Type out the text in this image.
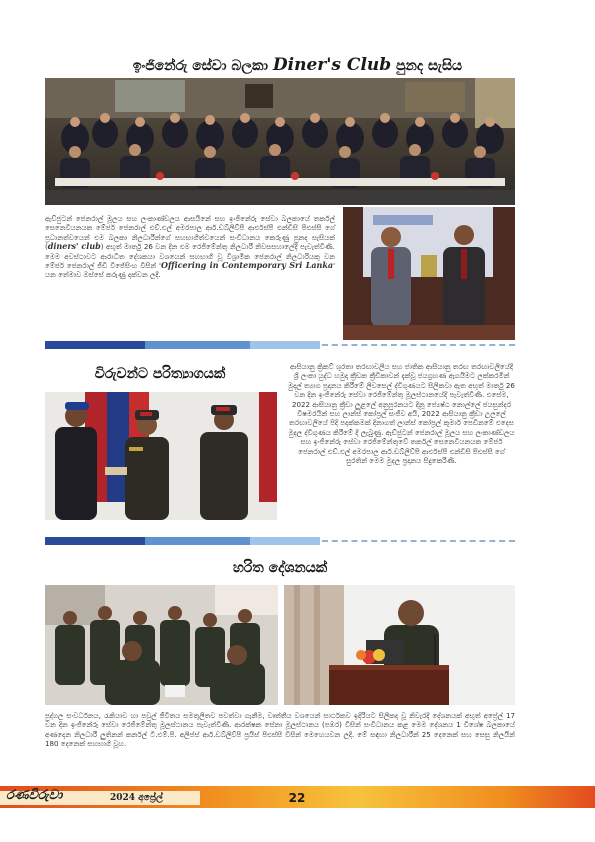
ඉංජිනේරු සේවා බලකා Diner's Club පුනද සැසිය
ඇඩ්ජුටන් ජෙනරාල් මූලය සහ ලංකාණ්ඩලය ආසයිනේ සහ ඉංජිනේරු සේවා බලකායේ තර්කල් සෙනෙවියනයක මේජර් ජෙනරාල් එච්.එල් අමරපාල ආර්.ඩබ්ලිව්පී ආර්එස්පී එන්ඩීසි පීඑස්සී ගේ ප්‍රධානත්වයෙන් එම බලකා නිලධාරීන්ගේ සහභාගීත්වයෙන් සංවිධානය කෙරුණු පුනද සැසියක් (diners' club) අභුත් මාර්තු 26 වන දින එම රෙජිමේන්තු නිලධාරී නිවසසහාලේදී පැවැත්විණි. මෙම අවස්ථාවට ආරාධිත දේශකයා වශයෙන් සහභාගී වූ විශ්‍රාමික ජෙනරාල් නිලධාරියකු වන මේජර් ජෙනරාල් ජීඩී විජේසිංහ විසින් 'Officering in Contemporary Sri Lanka' යන තේමාව ඔස්සේ කරුණු දක්වන ලදී.
විරුවන්ට පරිත්‍යාගයක්	ආසියානු ක්‍රිකට් ශූරතා තරඟාවලිය සහ ජාතික ආසියානු තරඟ තරඟාවලියේදී ශ්‍රී ලංකා යුද්ධ හමුදා ක්‍රීඩක ක්‍රීඩිකාවන් දැක්වූ ජයග්‍රහණ ඇගයීමට ලක්කරමින් මුදල් ත්‍යාග ප්‍රදානය කිරීමේ ලිවසෙල් ද්විගුණයට සිලිකවා ඇත අභුත් මාර්තු 26 වන දින ඉංජිනේරු සේවා රෙජිමේන්තු මූලස්ථානයේදී පැවැත්විණි. එසේම, 2022 ආසියානු ක්‍රීඩා ලුළලේ අනුපුරනයට දිනූ ජ්‍යෙෂ්ඨ නොල්ලේ ජයසුන්දර විෂමරයින් සහ ලාන්ස් කෝප්‍රල් සංජීව අයි, 2022 ආසියානු ක්‍රීඩා උලලේ තරඟාවලියේ පිදි පදක්කමක් දිනාගත් ලාන්ස් කෝප්‍රල් කූමාර් පෙඩිනමේ එදෙස මුදල ද්විගුණය කිරීමේ දී ලැබුණු. ඇඩ්ජුටන් ජෙනරාල් මූලය සහ ලංකාණ්ඩලය සහ ඉංජිනේරු සේවා රෙජිමේන්තුවේ තර්කල් සෙනෙවියනයක මේජර් ජෙනරාල් එච්.එල් අමරපාල ආර්.ඩබ්ලිව්පී ආර්එස්පී එන්ඩීසි පීඑස්සී ගේ සුරතින් මෙම මුදල ප්‍රදානය සිදුකෙරිණි.
හරිත දේශනයක්
පුද්ගල සංවර්ධනය, රැකියාව හා පවුල් ජීවිතය සමතුලිතව පවත්වා ගැනීම, වෘත්තීය වශයෙන් සාර්ථකව ඉදිරියට සිලිකද වූ නිවැරදි දේශනයක් අභුත් අප්‍රේල් 17 වන දින ඉංජිනේරු සේවා රෙජිමේන්තු මූලස්ථානය පැවැත්විණි. ආරක්ෂක සේනා මූලස්ථානය (පඹර) විසින් සංවිධානය කළ මෙම දේශනය 1 විශේෂ බලකායේ අණදෙන නිලධාරී ලුතිනන් කර්නල් ටී.එම්.පී. අලිප්ස් ආර්.ඩබ්ලිව්පී ප්‍රයිස් පීඑස්සී විසින් මෙහෙයවන ලදී. මේ සඳහා නිලධාරීන් 25 දෙනෙක් සහ සෙසු නිලයින් 180 දෙනෙක් සහභාගි වූහ.
රණවිරුවා	2024 අප්‍රේල්	22
